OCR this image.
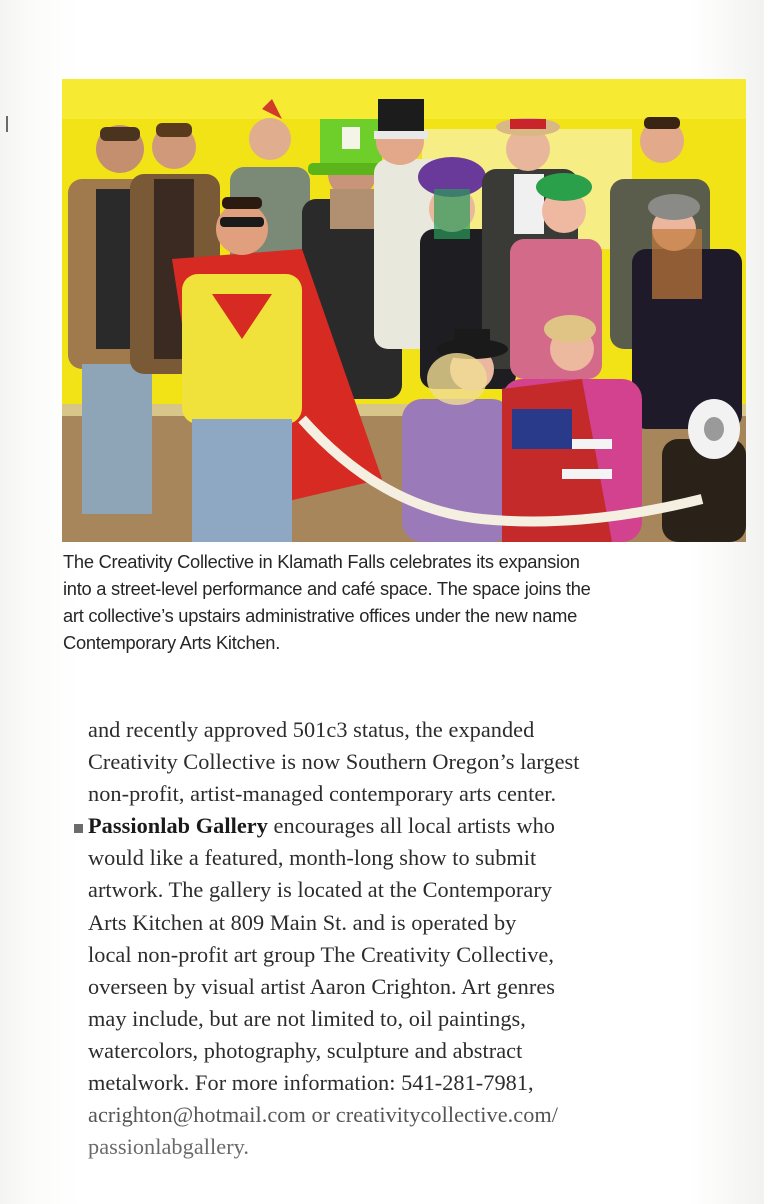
The Creativity Collective in Klamath Falls celebrates its expansion
into a street-level performance and café space. The space joins the
art collective’s upstairs administrative offices under the new name
Contemporary Arts Kitchen.
and recently approved 501c3 status, the expanded
Creativity Collective is now Southern Oregon’s largest
non-profit, artist-managed contemporary arts center.
Passionlab Gallery encourages all local artists who
would like a featured, month-long show to submit
artwork. The gallery is located at the Contemporary
Arts Kitchen at 809 Main St. and is operated by
local non-profit art group The Creativity Collective,
overseen by visual artist Aaron Crighton. Art genres
may include, but are not limited to, oil paintings,
watercolors, photography, sculpture and abstract
metalwork. For more information: 541-281-7981,
acrighton@hotmail.com or creativitycollective.com/
passionlabgallery.
